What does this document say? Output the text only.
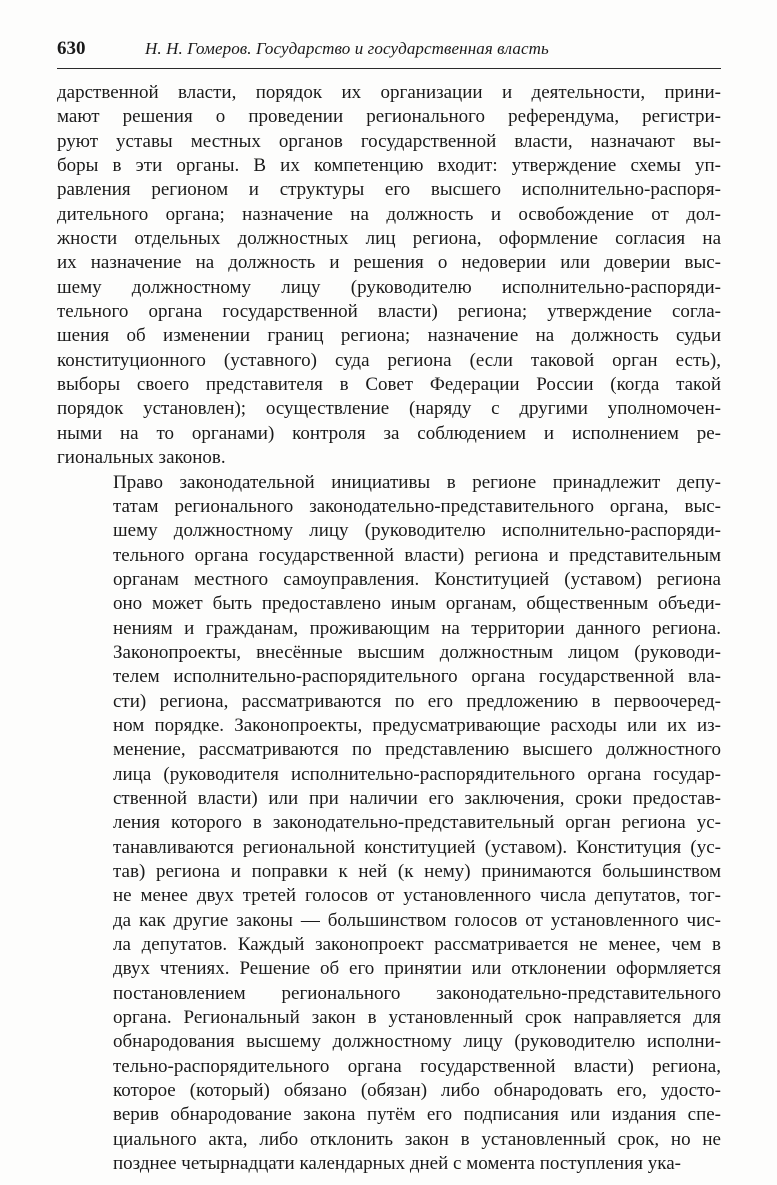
630	Н. Н. Гомеров. Государство и государственная власть

дарственной власти, порядок их организации и деятельности, прини-
мают решения о проведении регионального референдума, регистри-
руют уставы местных органов государственной власти, назначают вы-
боры в эти органы. В их компетенцию входит: утверждение схемы уп-
равления регионом и структуры его высшего исполнительно-распоря-
дительного органа; назначение на должность и освобождение от дол-
жности отдельных должностных лиц региона, оформление согласия на
их назначение на должность и решения о недоверии или доверии выс-
шему должностному лицу (руководителю исполнительно-распоряди-
тельного органа государственной власти) региона; утверждение согла-
шения об изменении границ региона; назначение на должность судьи
конституционного (уставного) суда региона (если таковой орган есть),
выборы своего представителя в Совет Федерации России (когда такой
порядок установлен); осуществление (наряду с другими уполномочен-
ными на то органами) контроля за соблюдением и исполнением ре-
гиональных законов.

Право законодательной инициативы в регионе принадлежит депу-
татам регионального законодательно-представительного органа, выс-
шему должностному лицу (руководителю исполнительно-распоряди-
тельного органа государственной власти) региона и представительным
органам местного самоуправления. Конституцией (уставом) региона
оно может быть предоставлено иным органам, общественным объеди-
нениям и гражданам, проживающим на территории данного региона.
Законопроекты, внесённые высшим должностным лицом (руководи-
телем исполнительно-распорядительного органа государственной вла-
сти) региона, рассматриваются по его предложению в первоочеред-
ном порядке. Законопроекты, предусматривающие расходы или их из-
менение, рассматриваются по представлению высшего должностного
лица (руководителя исполнительно-распорядительного органа государ-
ственной власти) или при наличии его заключения, сроки предостав-
ления которого в законодательно-представительный орган региона ус-
танавливаются региональной конституцией (уставом). Конституция (ус-
тав) региона и поправки к ней (к нему) принимаются большинством
не менее двух третей голосов от установленного числа депутатов, тог-
да как другие законы — большинством голосов от установленного чис-
ла депутатов. Каждый законопроект рассматривается не менее, чем в
двух чтениях. Решение об его принятии или отклонении оформляется
постановлением регионального законодательно-представительного
органа. Региональный закон в установленный срок направляется для
обнародования высшему должностному лицу (руководителю исполни-
тельно-распорядительного органа государственной власти) региона,
которое (который) обязано (обязан) либо обнародовать его, удосто-
верив обнародование закона путём его подписания или издания спе-
циального акта, либо отклонить закон в установленный срок, но не
позднее четырнадцати календарных дней с момента поступления ука-
